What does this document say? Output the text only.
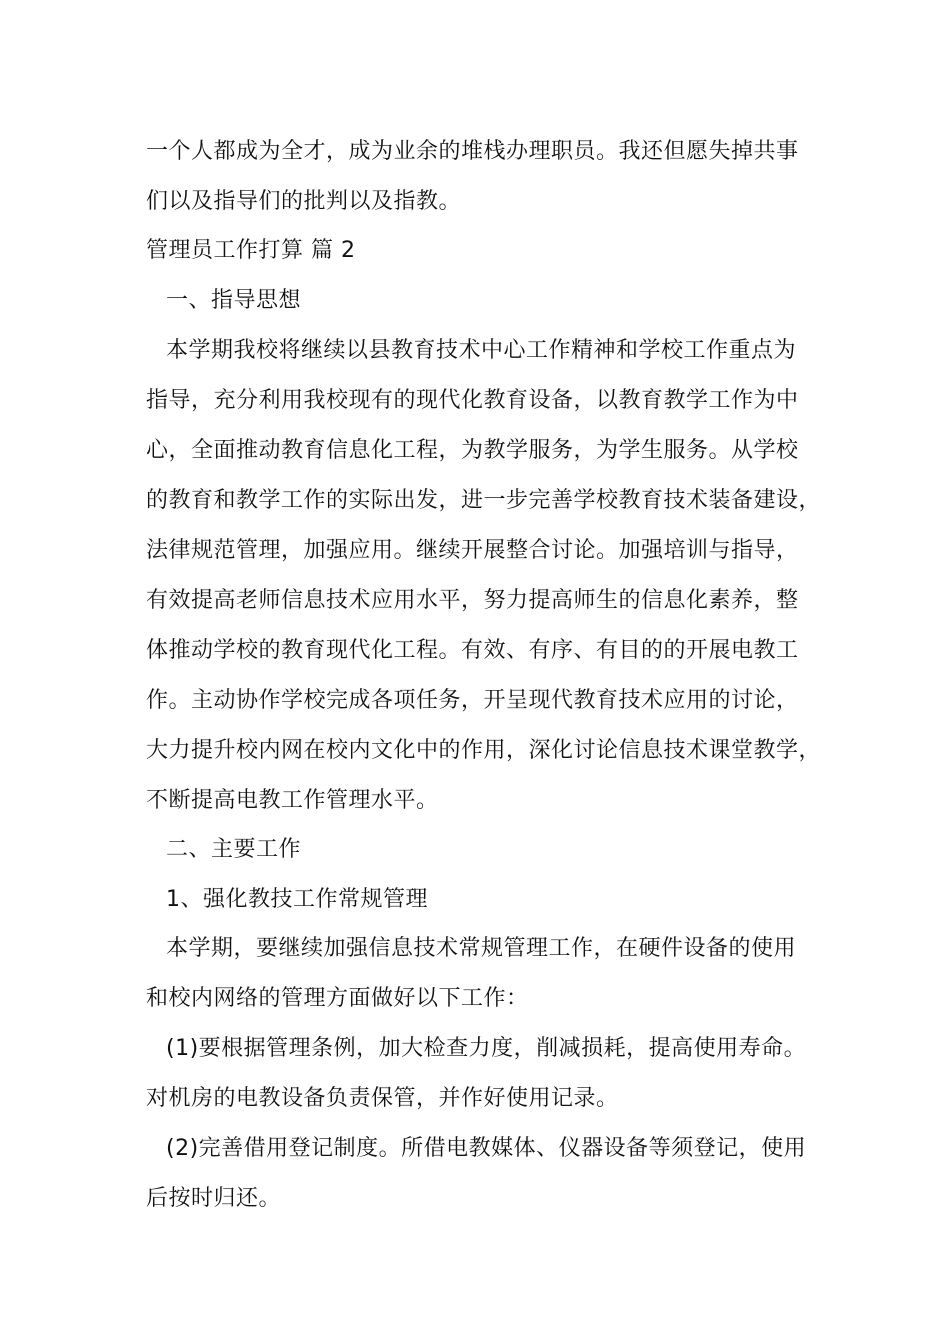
一个人都成为全才，成为业余的堆栈办理职员。我还但愿失掉共事
们以及指导们的批判以及指教。
管理员工作打算 篇 2
一、指导思想
本学期我校将继续以县教育技术中心工作精神和学校工作重点为
指导，充分利用我校现有的现代化教育设备，以教育教学工作为中
心，全面推动教育信息化工程，为教学服务，为学生服务。从学校
的教育和教学工作的实际出发，进一步完善学校教育技术装备建设，
法律规范管理，加强应用。继续开展整合讨论。加强培训与指导，
有效提高老师信息技术应用水平，努力提高师生的信息化素养，整
体推动学校的教育现代化工程。有效、有序、有目的的开展电教工
作。主动协作学校完成各项任务，开呈现代教育技术应用的讨论，
大力提升校内网在校内文化中的作用，深化讨论信息技术课堂教学，
不断提高电教工作管理水平。
二、主要工作
1、强化教技工作常规管理
本学期，要继续加强信息技术常规管理工作，在硬件设备的使用
和校内网络的管理方面做好以下工作：
(1)要根据管理条例，加大检查力度，削减损耗，提高使用寿命。
对机房的电教设备负责保管，并作好使用记录。
(2)完善借用登记制度。所借电教媒体、仪器设备等须登记，使用
后按时归还。
